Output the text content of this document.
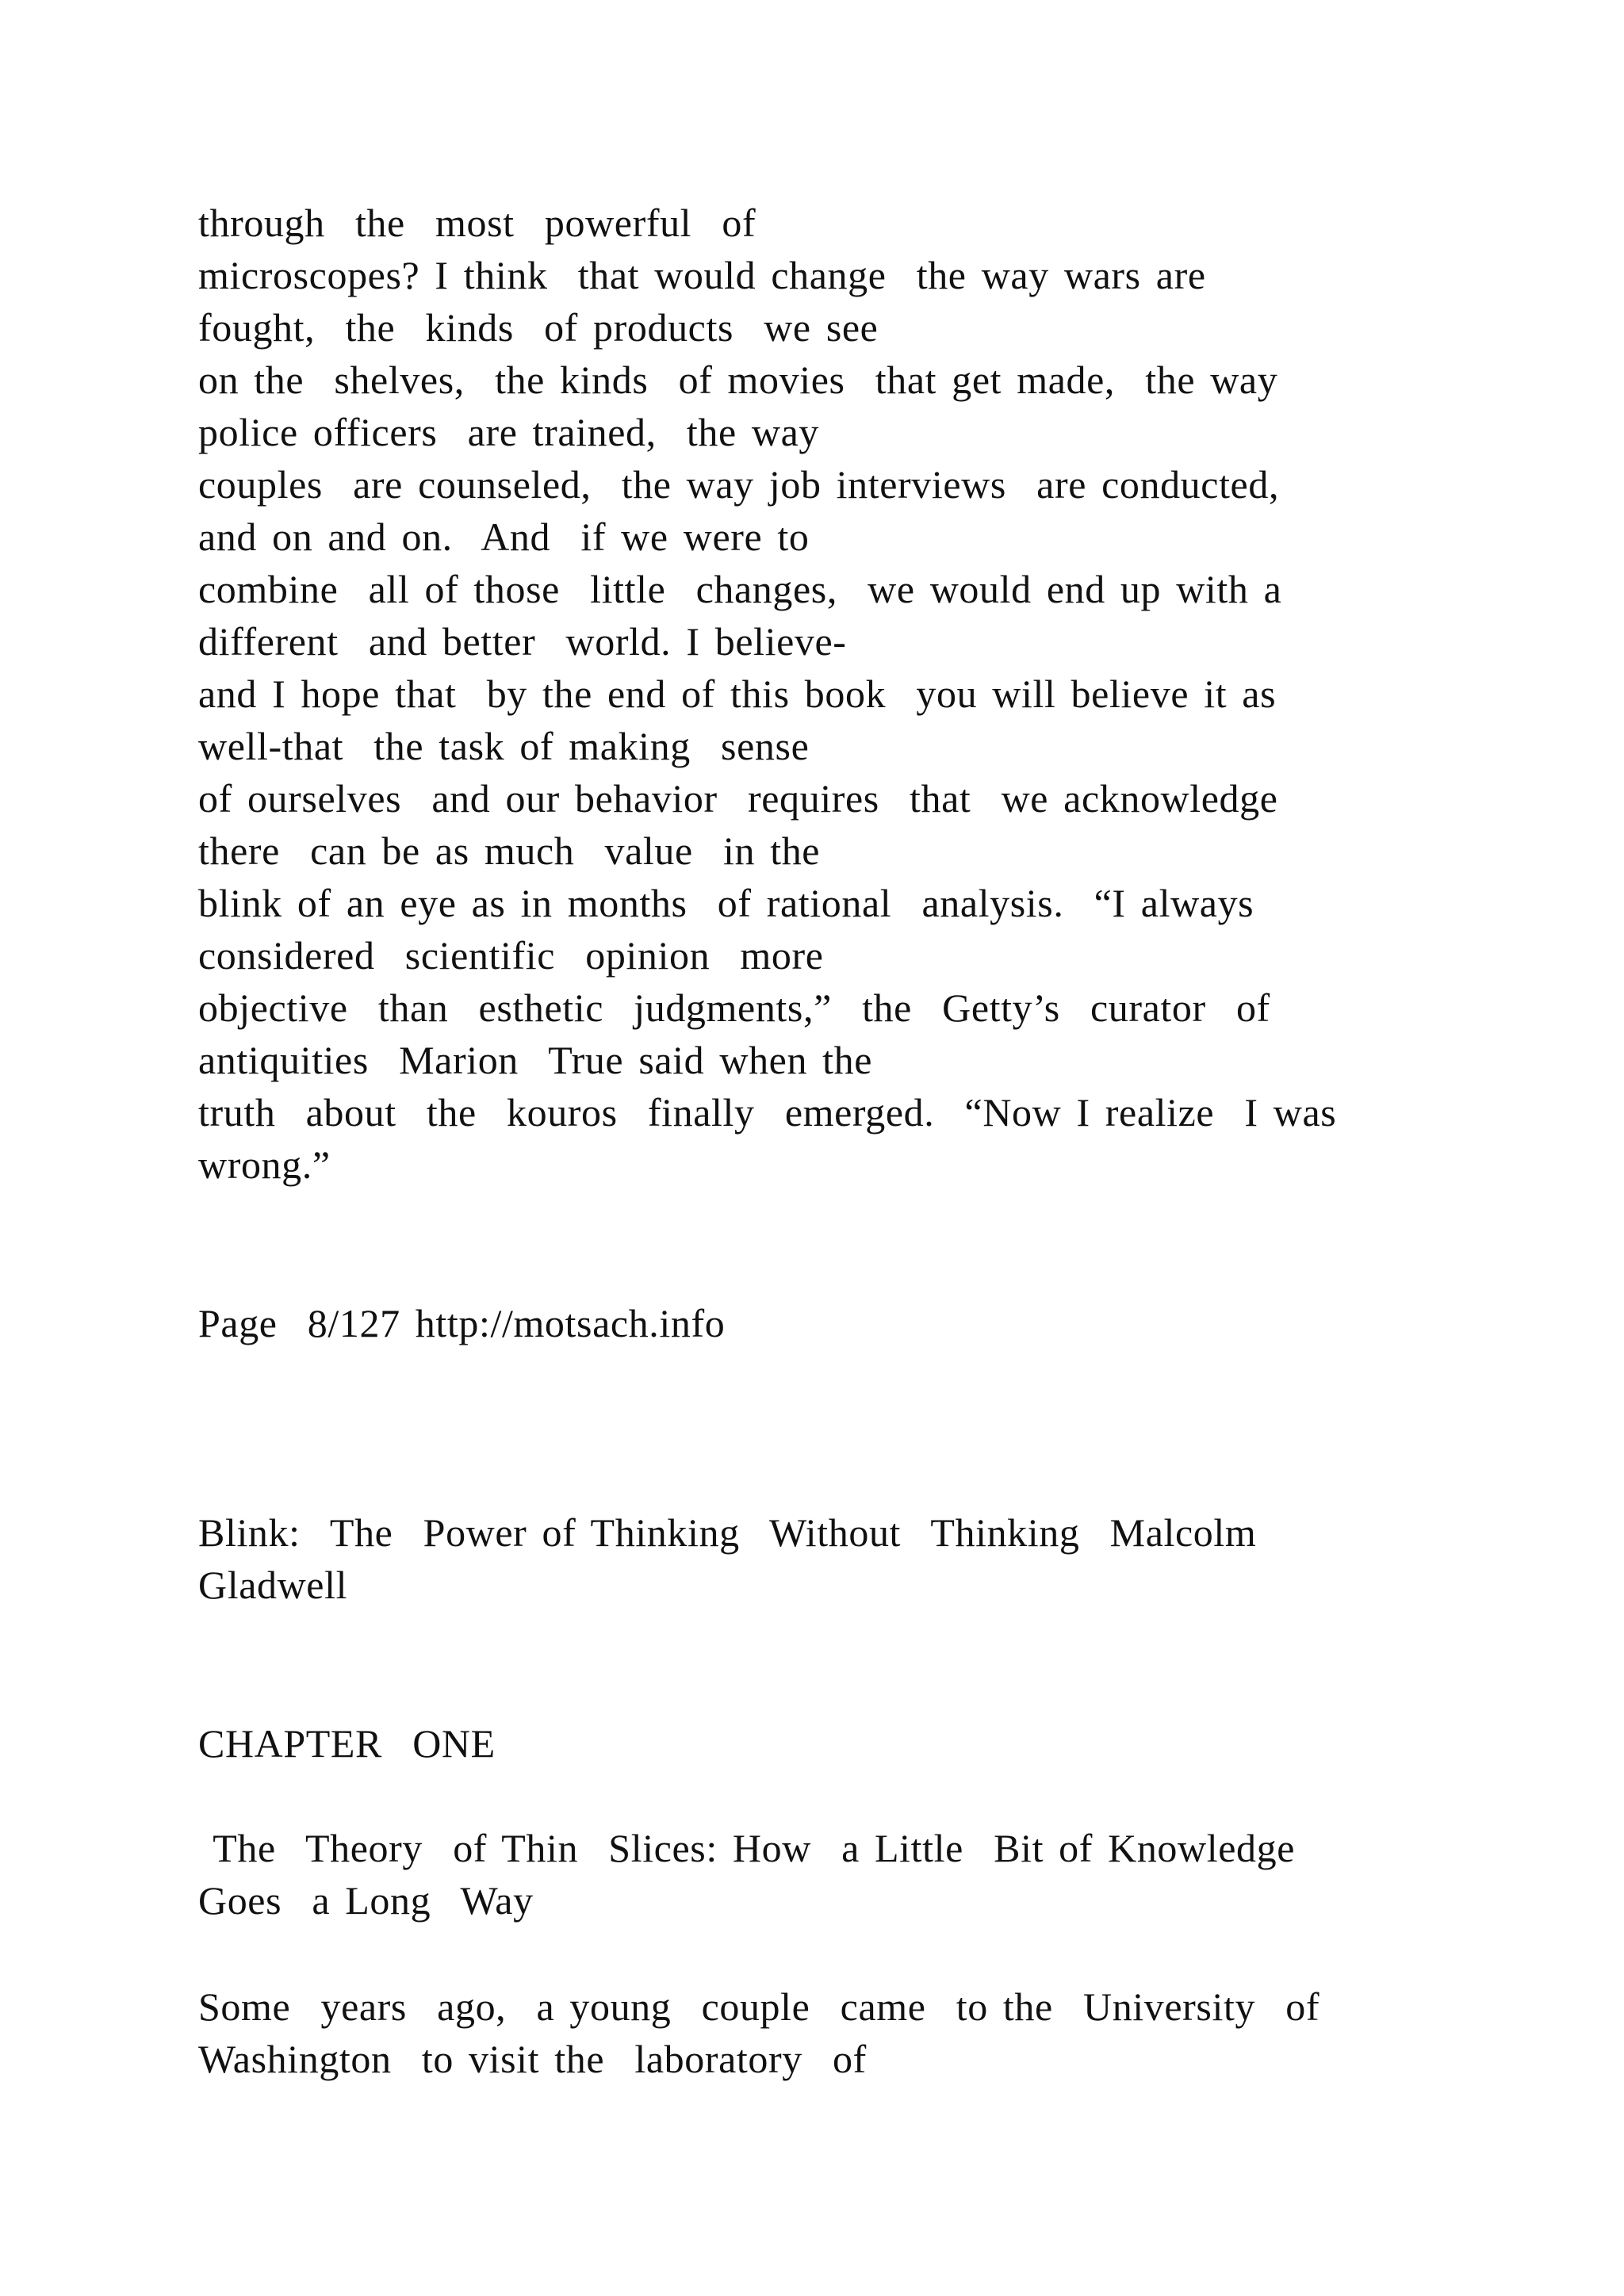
through  the  most  powerful  of

microscopes? I think  that would change  the way wars are

fought,  the  kinds  of products  we see

on the  shelves,  the kinds  of movies  that get made,  the way

police officers  are trained,  the way

couples  are counseled,  the way job interviews  are conducted,

and on and on.  And  if we were to

combine  all of those  little  changes,  we would end up with a

different  and better  world. I believe-

and I hope that  by the end of this book  you will believe it as

well-that  the task of making  sense

of ourselves  and our behavior  requires  that  we acknowledge

there  can be as much  value  in the

blink of an eye as in months  of rational  analysis.  “I always

considered  scientific  opinion  more

objective  than  esthetic  judgments,”  the  Getty’s  curator  of

antiquities  Marion  True said when the

truth  about  the  kouros  finally  emerged.  “Now I realize  I was

wrong.”

Page  8/127 http://motsach.info

Blink:  The  Power of Thinking  Without  Thinking  Malcolm

Gladwell

CHAPTER  ONE

The  Theory  of Thin  Slices: How  a Little  Bit of Knowledge

Goes  a Long  Way

Some  years  ago,  a young  couple  came  to the  University  of

Washington  to visit the  laboratory  of
